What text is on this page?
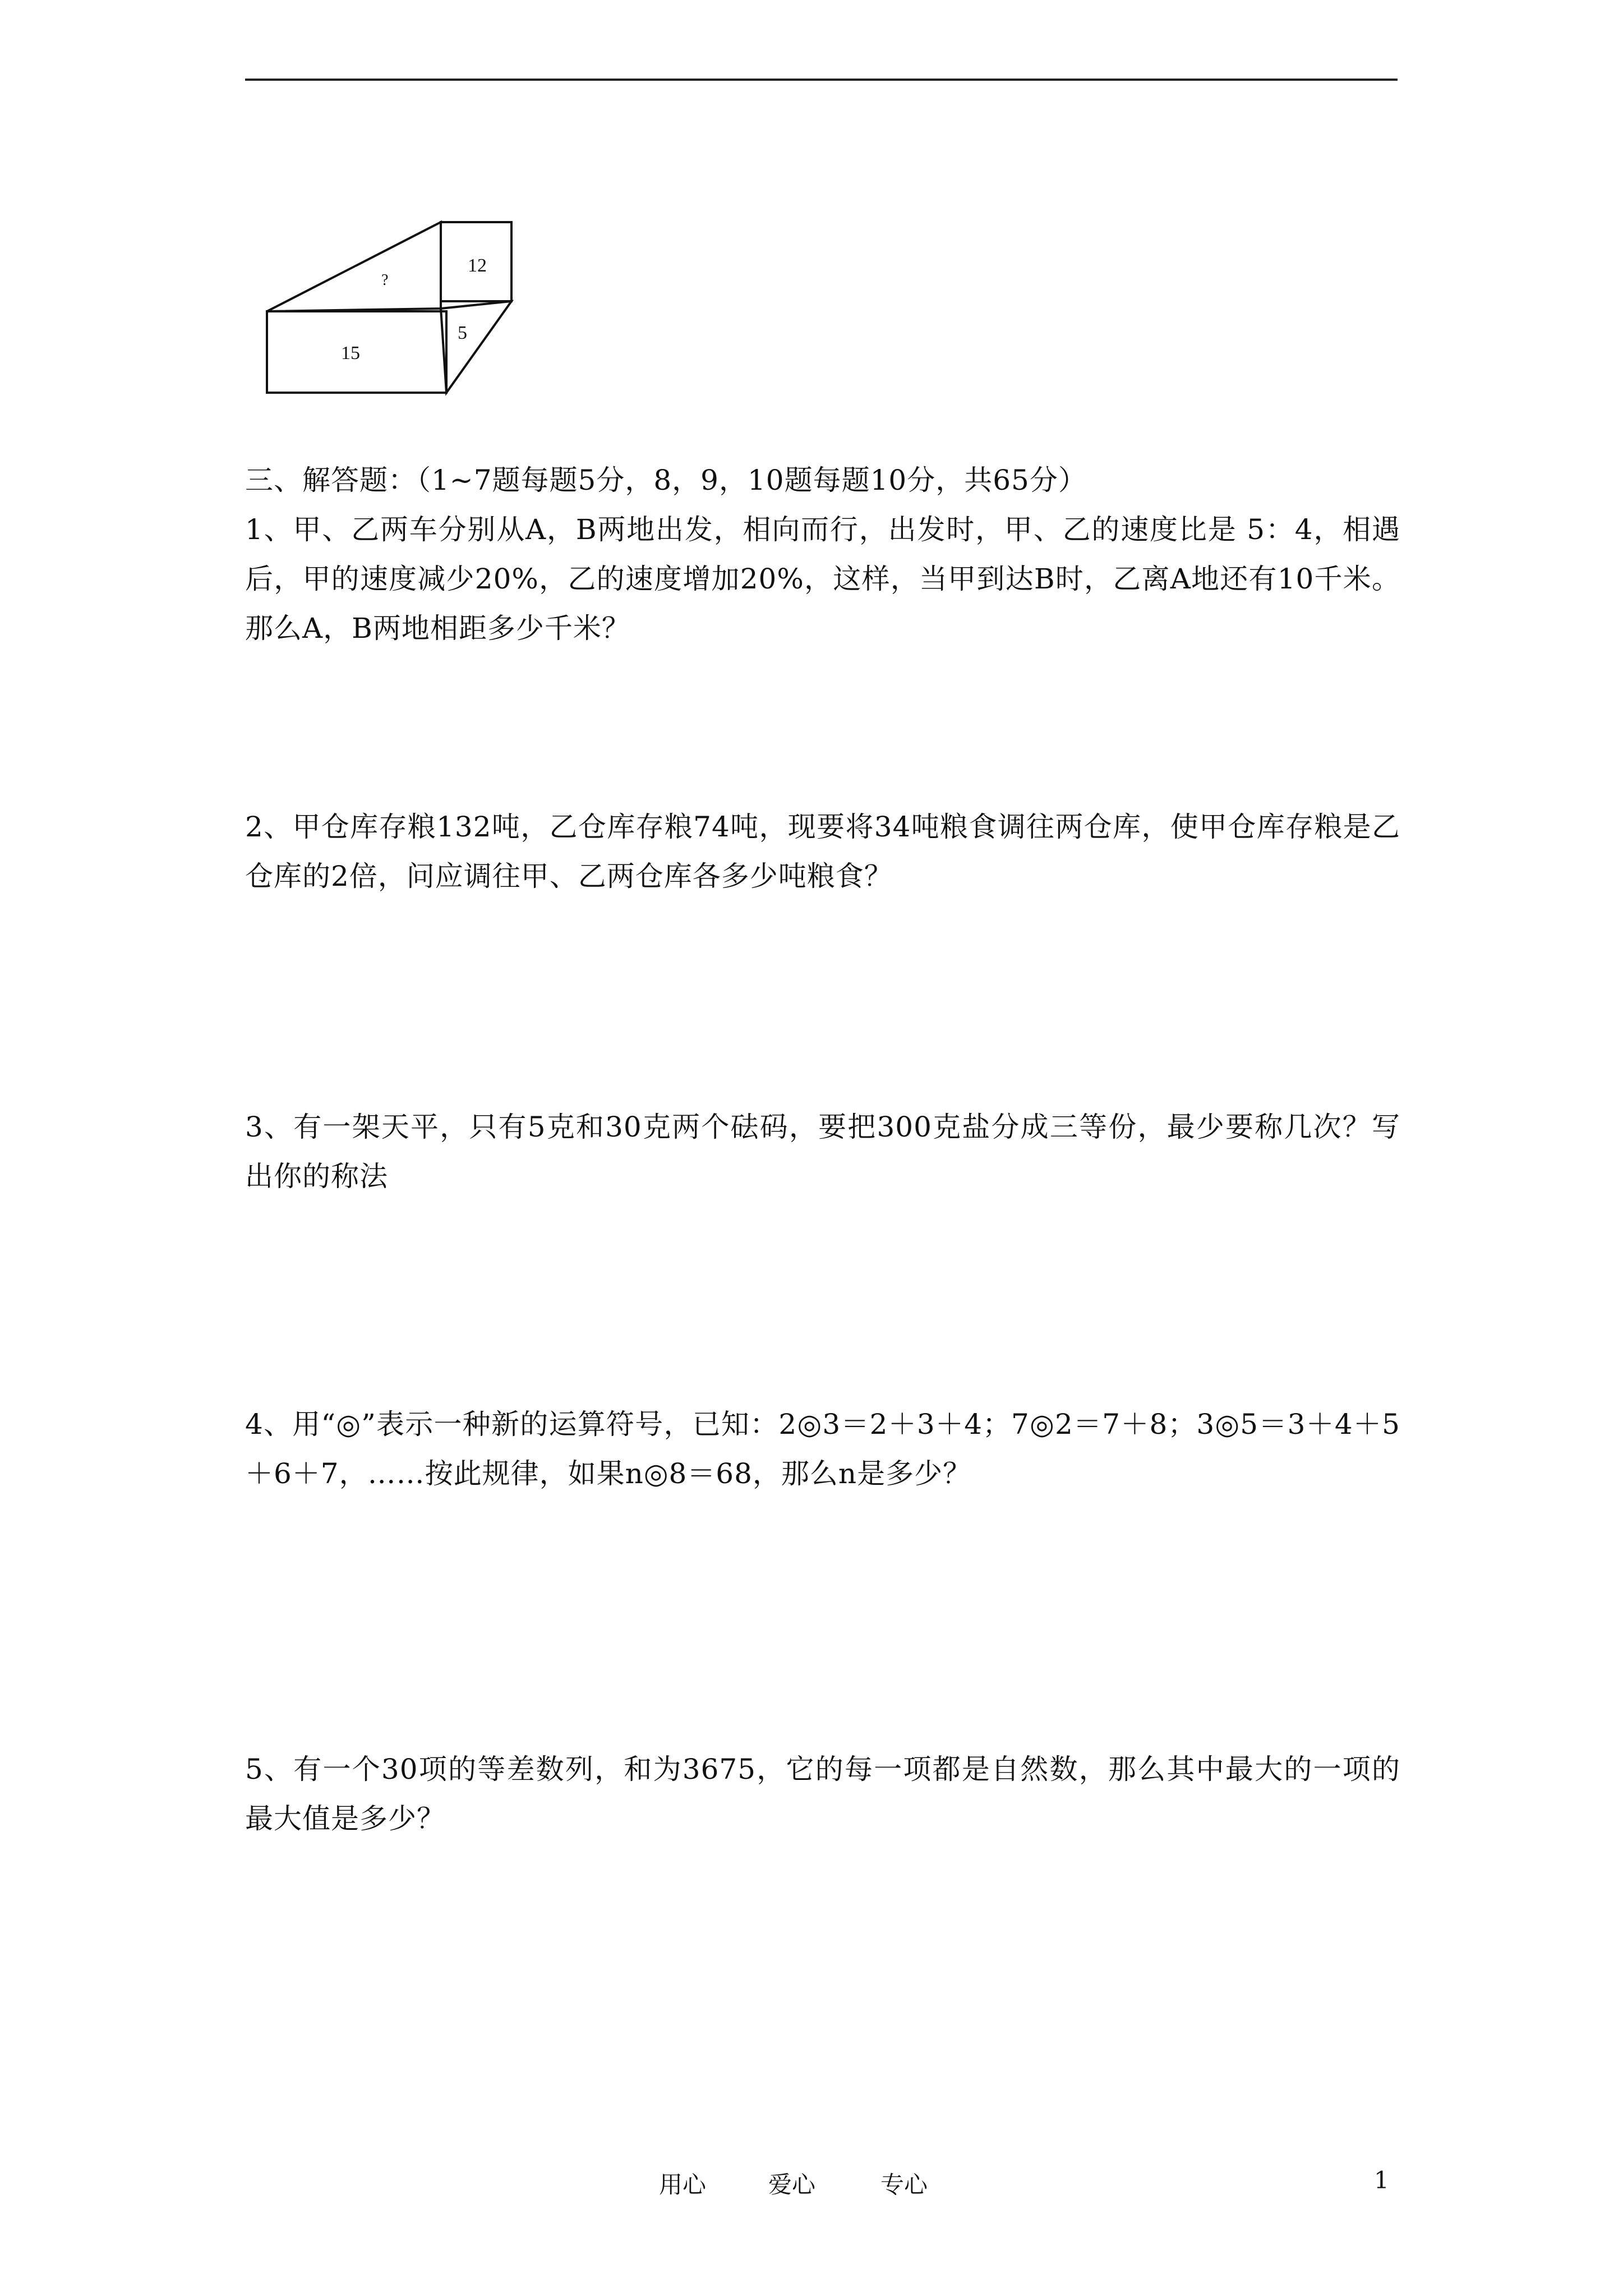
12
?
5
15

三、解答题：（1~7题每题5分，8，9，10题每题10分，共65分）

1、甲、乙两车分别从A，B两地出发，相向而行，出发时，甲、乙的速度比是 5：4，相遇后，甲的速度减少20%，乙的速度增加20%，这样，当甲到达B时，乙离A地还有10千米。那么A，B两地相距多少千米？

2、甲仓库存粮132吨，乙仓库存粮74吨，现要将34吨粮食调往两仓库，使甲仓库存粮是乙仓库的2倍，问应调往甲、乙两仓库各多少吨粮食？

3、有一架天平，只有5克和30克两个砝码，要把300克盐分成三等份，最少要称几次？写出你的称法

4、用“◎”表示一种新的运算符号，已知：2◎3＝2＋3＋4；7◎2＝7＋8；3◎5＝3＋4＋5＋6＋7，……按此规律，如果n◎8＝68，那么n是多少？

5、有一个30项的等差数列，和为3675，它的每一项都是自然数，那么其中最大的一项的最大值是多少？

用心	爱心	专心	1
